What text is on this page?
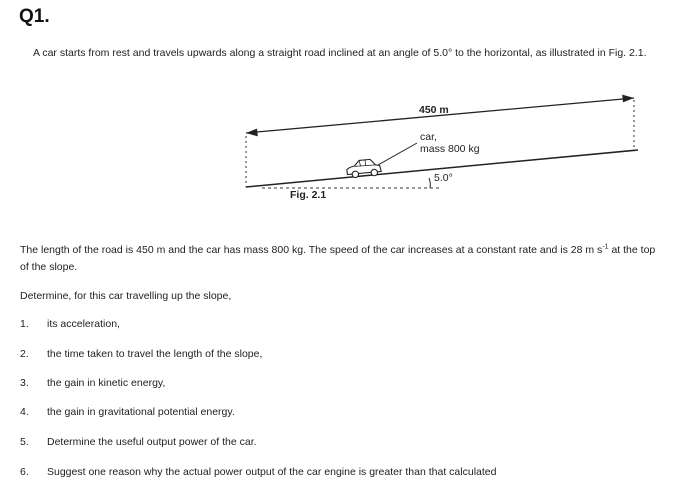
Q1.
A car starts from rest and travels upwards along a straight road inclined at an angle of 5.0° to the horizontal, as illustrated in Fig. 2.1.
450 m
car,
mass 800 kg
5.0°
Fig. 2.1
The length of the road is 450 m and the car has mass 800 kg. The speed of the car increases at a constant rate and is 28 m $s^{-1}$ at the top of the slope.
Determine, for this car travelling up the slope,
1. its acceleration,
2. the time taken to travel the length of the slope,
3. the gain in kinetic energy,
4. the gain in gravitational potential energy.
5. Determine the useful output power of the car.
6. Suggest one reason why the actual power output of the car engine is greater than that calculated
